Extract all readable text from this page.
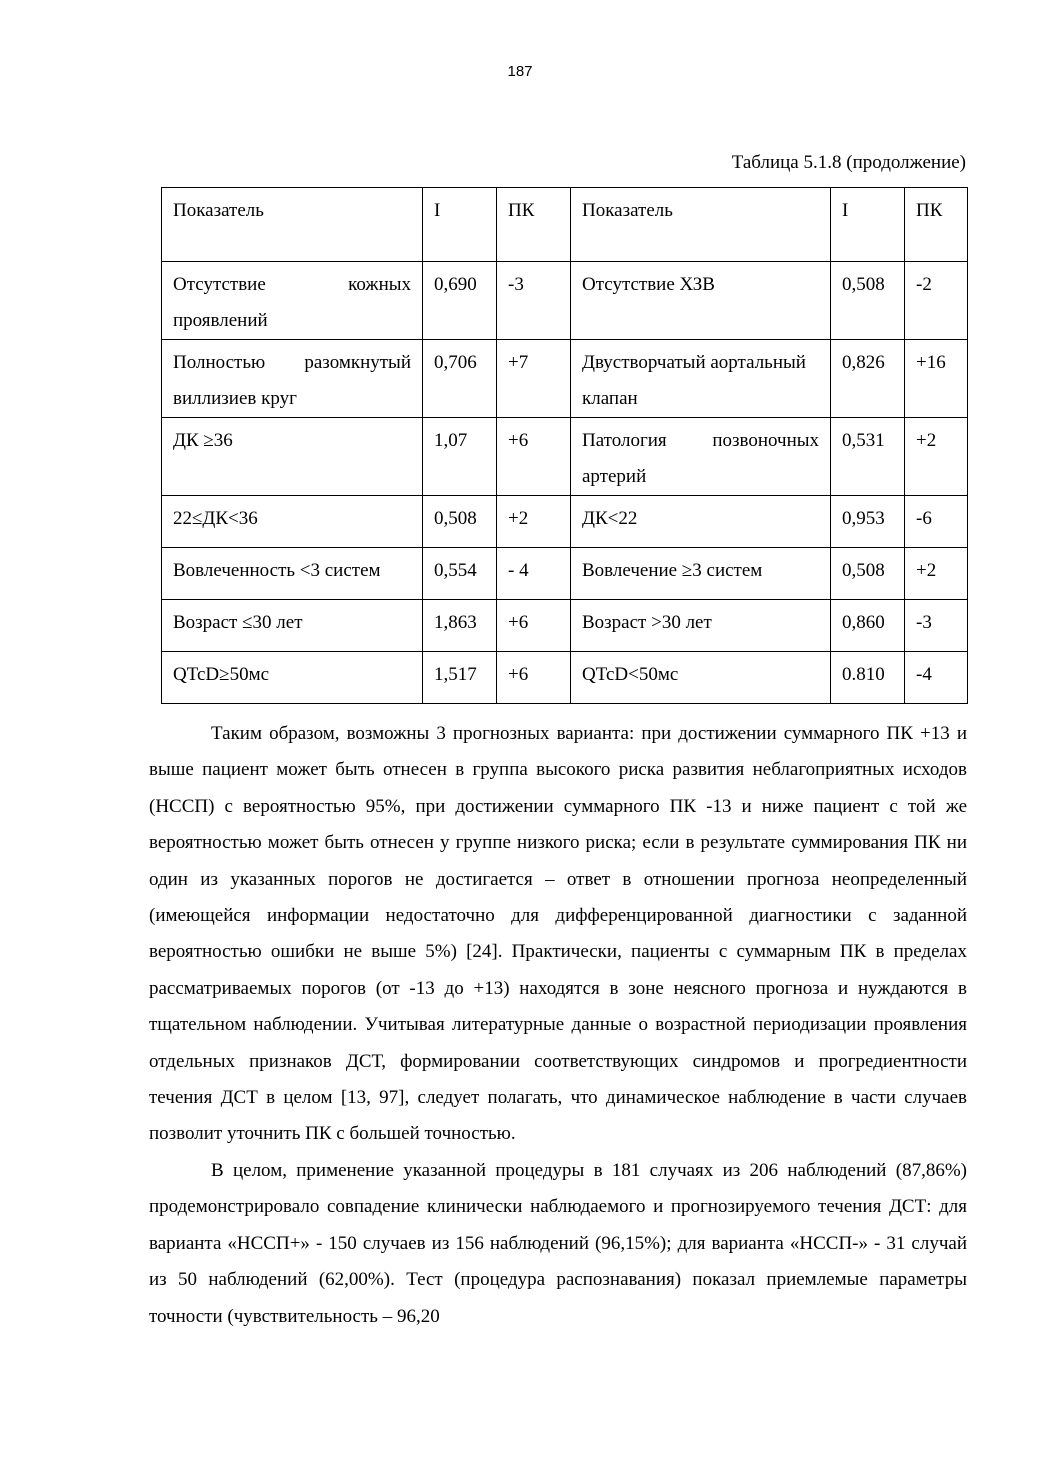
187
Таблица 5.1.8 (продолжение)
Показатель	I	ПК	Показатель	I	ПК
Отсутствие кожных проявлений	0,690	-3	Отсутствие ХЗВ	0,508	-2
Полностью разомкнутый виллизиев круг	0,706	+7	Двустворчатый аортальный клапан	0,826	+16
ДК ≥36	1,07	+6	Патология позвоночных артерий	0,531	+2
22≤ДК<36	0,508	+2	ДК<22	0,953	-6
Вовлеченность <3 систем	0,554	- 4	Вовлечение ≥3 систем	0,508	+2
Возраст ≤30 лет	1,863	+6	Возраст >30 лет	0,860	-3
QTcD≥50мс	1,517	+6	QTcD<50мс	0.810	-4

Таким образом, возможны 3 прогнозных варианта: при достижении суммарного ПК +13 и выше пациент может быть отнесен в группа высокого риска развития неблагоприятных исходов (НССП) с вероятностью 95%, при достижении суммарного ПК -13 и ниже пациент с той же вероятностью может быть отнесен у группе низкого риска; если в результате суммирования ПК ни один из указанных порогов не достигается – ответ в отношении прогноза неопределенный (имеющейся информации недостаточно для дифференцированной диагностики с заданной вероятностью ошибки не выше 5%) [24]. Практически, пациенты с суммарным ПК в пределах рассматриваемых порогов (от -13 до +13) находятся в зоне неясного прогноза и нуждаются в тщательном наблюдении. Учитывая литературные данные о возрастной периодизации проявления отдельных признаков ДСТ, формировании соответствующих синдромов и прогредиентности течения ДСТ в целом [13, 97], следует полагать, что динамическое наблюдение в части случаев позволит уточнить ПК с большей точностью.

В целом, применение указанной процедуры в 181 случаях из 206 наблюдений (87,86%) продемонстрировало совпадение клинически наблюдаемого и прогнозируемого течения ДСТ: для варианта «НССП+» - 150 случаев из 156 наблюдений (96,15%); для варианта «НССП-» - 31 случай из 50 наблюдений (62,00%). Тест (процедура распознавания) показал приемлемые параметры точности (чувствительность – 96,20
